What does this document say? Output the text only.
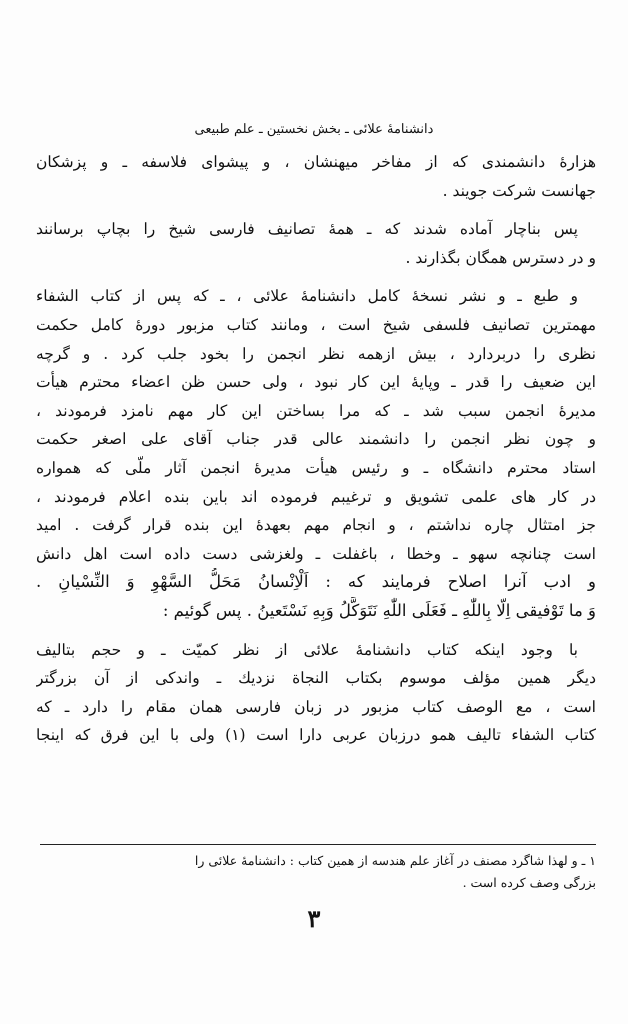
دانشنامهٔ علائی ـ بخش نخستین ـ علم طبیعی
هزارهٔ دانشمندی که از مفاخر میهنشان ، و پیشوای فلاسفه ـ و پزشکان
جهانست شرکت جویند .
پس بناچار آماده شدند که ـ همهٔ تصانیف فارسی شیخ را بچاپ برسانند
و در دسترس همگان بگذارند .
و طبع ـ و نشر نسخهٔ کامل دانشنامهٔ علائی ، ـ که پس از کتاب الشفاء
مهمترین تصانیف فلسفی شیخ است ، ومانند کتاب مزبور دورهٔ کامل حکمت
نظری را دربردارد ، بیش ازهمه نظر انجمن را بخود جلب کرد . و گرچه
این ضعیف را قدر ـ وپایهٔ این کار نبود ، ولی حسن ظن اعضاء محترم هیأت
مدیرهٔ انجمن سبب شد ـ که مرا بساختن این کار مهم نامزد فرمودند ،
و چون نظر انجمن را دانشمند عالی قدر جناب آقای علی اصغر حکمت
استاد محترم دانشگاه ـ و رئیس هیأت مدیرهٔ انجمن آثار ملّی که همواره
در کار های علمی تشویق و ترغیبم فرموده اند باین بنده اعلام فرمودند ،
جز امتثال چاره نداشتم ، و انجام مهم بعهدهٔ این بنده قرار گرفت . امید
است چنانچه سهو ـ وخطا ، باغفلت ـ ولغزشی دست داده است اهل دانش
و ادب آنرا اصلاح فرمایند که : اَلْاِنْسانُ مَحَلُّ السَّهْوِ وَ النِّسْیانِ .
وَ ما تَوْفیقی اِلّا بِاللّٰهِ ـ فَعَلَی اللّٰهِ نَتَوَکَّلُ وَبِهِ نَسْتَعینُ . پس گوئیم :
با وجود اینکه کتاب دانشنامهٔ علائی از نظر کمیّت ـ و حجم بتالیف
دیگر همین مؤلف موسوم بکتاب النجاة نزدیك ـ واندکی از آن بزرگتر
است ، مع الوصف کتاب مزبور در زبان فارسی همان مقام را دارد ـ که
کتاب الشفاء تالیف همو درزبان عربی دارا است (۱) ولی با این فرق که اینجا
۱ ـ و لهذا شاگرد مصنف در آغاز علم هندسه از همین کتاب : دانشنامهٔ علائی را
بزرگی وصف کرده است .
۳
